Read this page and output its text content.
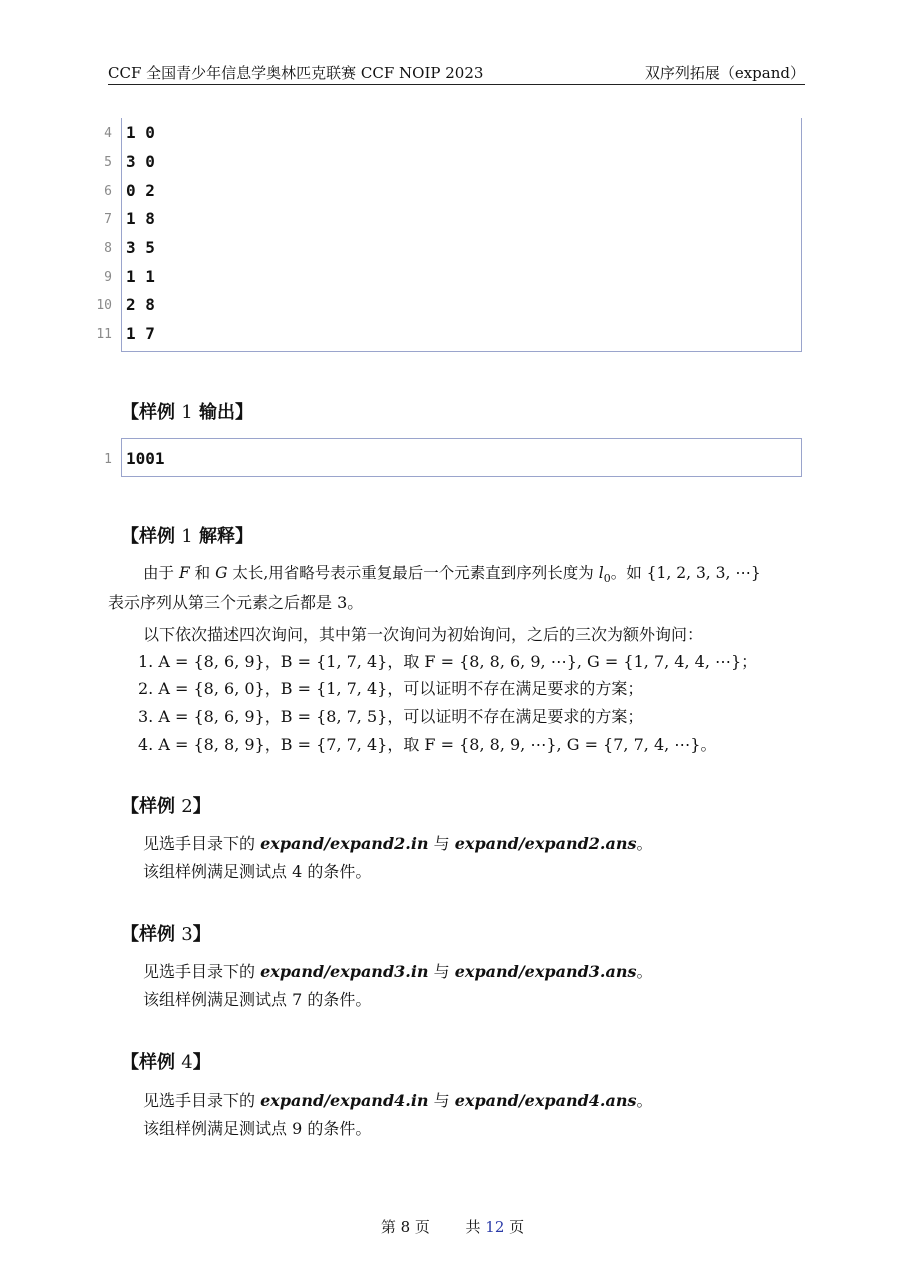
CCF 全国青少年信息学奥林匹克联赛 CCF NOIP 2023	双序列拓展（expand）
4 1 0
5 3 0
6 0 2
7 1 8
8 3 5
9 1 1
10 2 8
11 1 7
【样例 1 输出】
1 1001
【样例 1 解释】
由于 F 和 G 太长,用省略号表示重复最后一个元素直到序列长度为 $l_0$。如 {1, 2, 3, 3, ⋯}
表示序列从第三个元素之后都是 3。
以下依次描述四次询问，其中第一次询问为初始询问，之后的三次为额外询问：
1. A = {8, 6, 9}，B = {1, 7, 4}，取 F = {8, 8, 6, 9, ⋯}, G = {1, 7, 4, 4, ⋯}；
2. A = {8, 6, 0}，B = {1, 7, 4}，可以证明不存在满足要求的方案；
3. A = {8, 6, 9}，B = {8, 7, 5}，可以证明不存在满足要求的方案；
4. A = {8, 8, 9}，B = {7, 7, 4}，取 F = {8, 8, 9, ⋯}, G = {7, 7, 4, ⋯}。
【样例 2】
见选手目录下的 expand/expand2.in 与 expand/expand2.ans。
该组样例满足测试点 4 的条件。
【样例 3】
见选手目录下的 expand/expand3.in 与 expand/expand3.ans。
该组样例满足测试点 7 的条件。
【样例 4】
见选手目录下的 expand/expand4.in 与 expand/expand4.ans。
该组样例满足测试点 9 的条件。
第 8 页 共 12 页
